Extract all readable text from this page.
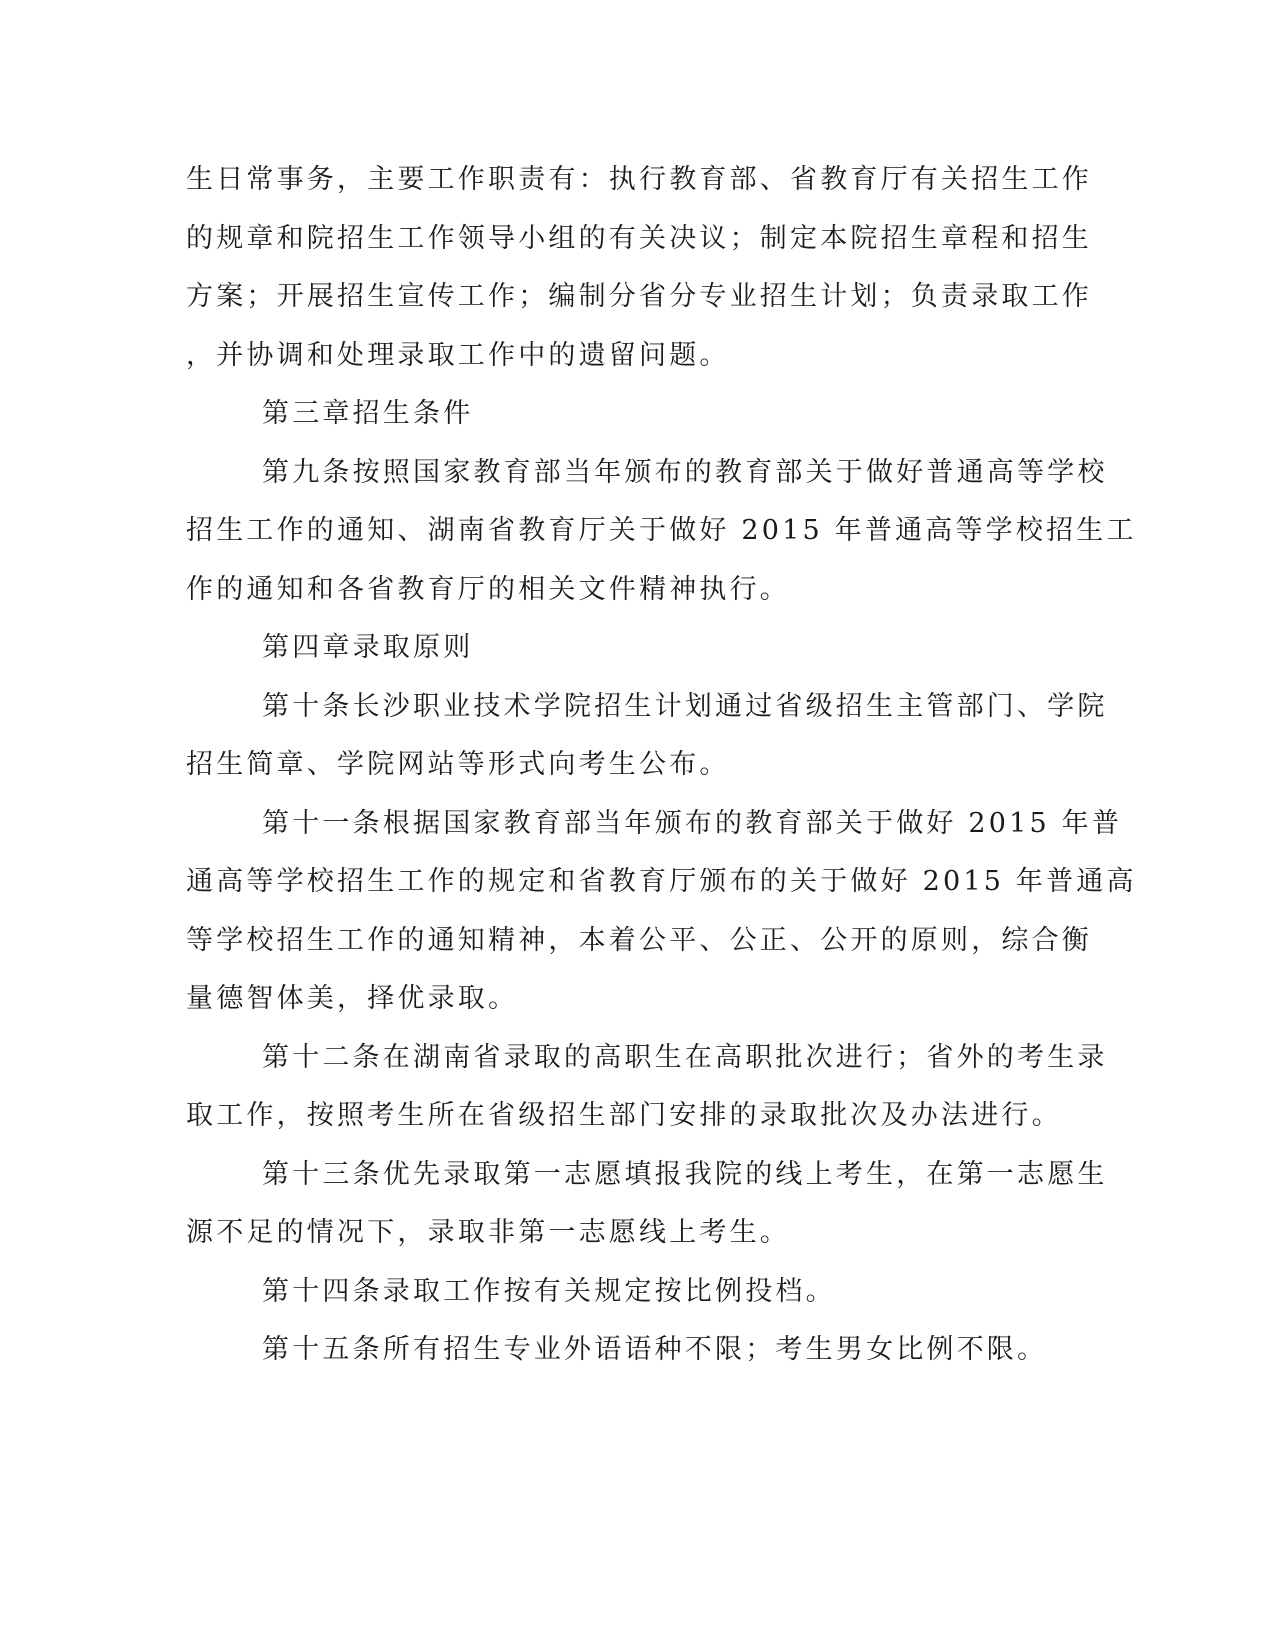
生日常事务，主要工作职责有：执行教育部、省教育厅有关招生工作
的规章和院招生工作领导小组的有关决议；制定本院招生章程和招生
方案；开展招生宣传工作；编制分省分专业招生计划；负责录取工作
，并协调和处理录取工作中的遗留问题。
第三章招生条件
第九条按照国家教育部当年颁布的教育部关于做好普通高等学校
招生工作的通知、湖南省教育厅关于做好 2015 年普通高等学校招生工
作的通知和各省教育厅的相关文件精神执行。
第四章录取原则
第十条长沙职业技术学院招生计划通过省级招生主管部门、学院
招生简章、学院网站等形式向考生公布。
第十一条根据国家教育部当年颁布的教育部关于做好 2015 年普
通高等学校招生工作的规定和省教育厅颁布的关于做好 2015 年普通高
等学校招生工作的通知精神，本着公平、公正、公开的原则，综合衡
量德智体美，择优录取。
第十二条在湖南省录取的高职生在高职批次进行；省外的考生录
取工作，按照考生所在省级招生部门安排的录取批次及办法进行。
第十三条优先录取第一志愿填报我院的线上考生，在第一志愿生
源不足的情况下，录取非第一志愿线上考生。
第十四条录取工作按有关规定按比例投档。
第十五条所有招生专业外语语种不限；考生男女比例不限。
